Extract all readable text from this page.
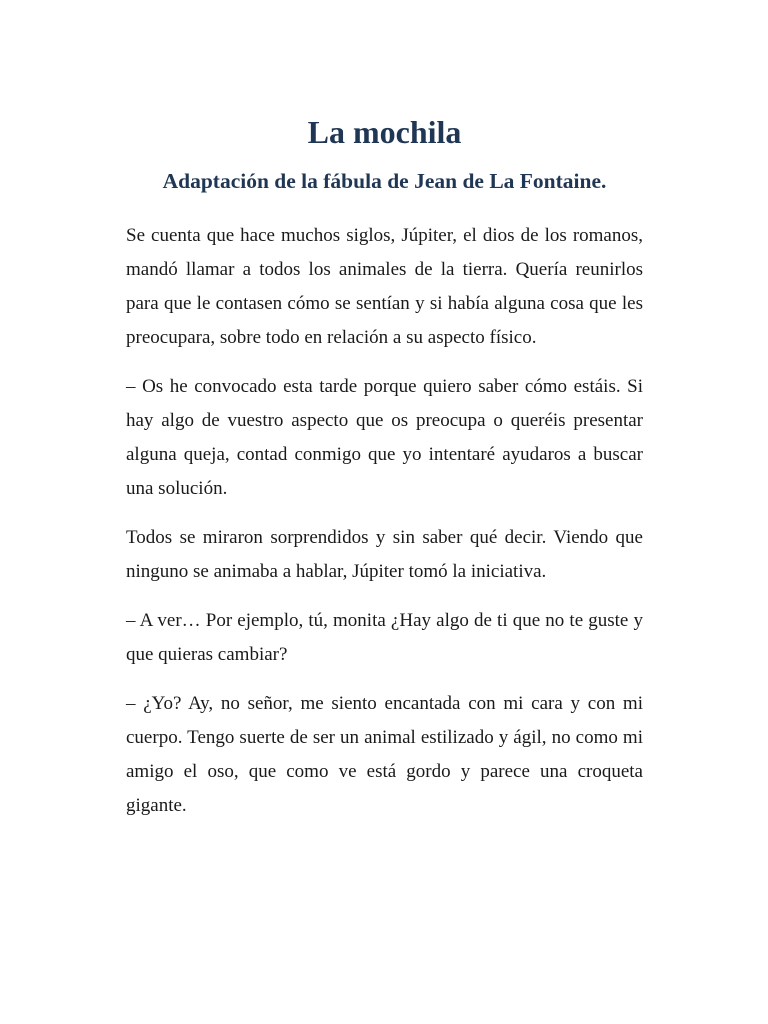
La mochila
Adaptación de la fábula de Jean de La Fontaine.

Se cuenta que hace muchos siglos, Júpiter, el dios de los romanos, mandó llamar a todos los animales de la tierra. Quería reunirlos para que le contasen cómo se sentían y si había alguna cosa que les preocupara, sobre todo en relación a su aspecto físico.

– Os he convocado esta tarde porque quiero saber cómo estáis. Si hay algo de vuestro aspecto que os preocupa o queréis presentar alguna queja, contad conmigo que yo intentaré ayudaros a buscar una solución.

Todos se miraron sorprendidos y sin saber qué decir. Viendo que ninguno se animaba a hablar, Júpiter tomó la iniciativa.

– A ver… Por ejemplo, tú, monita ¿Hay algo de ti que no te guste y que quieras cambiar?

– ¿Yo? Ay, no señor, me siento encantada con mi cara y con mi cuerpo. Tengo suerte de ser un animal estilizado y ágil, no como mi amigo el oso, que como ve está gordo y parece una croqueta gigante.
